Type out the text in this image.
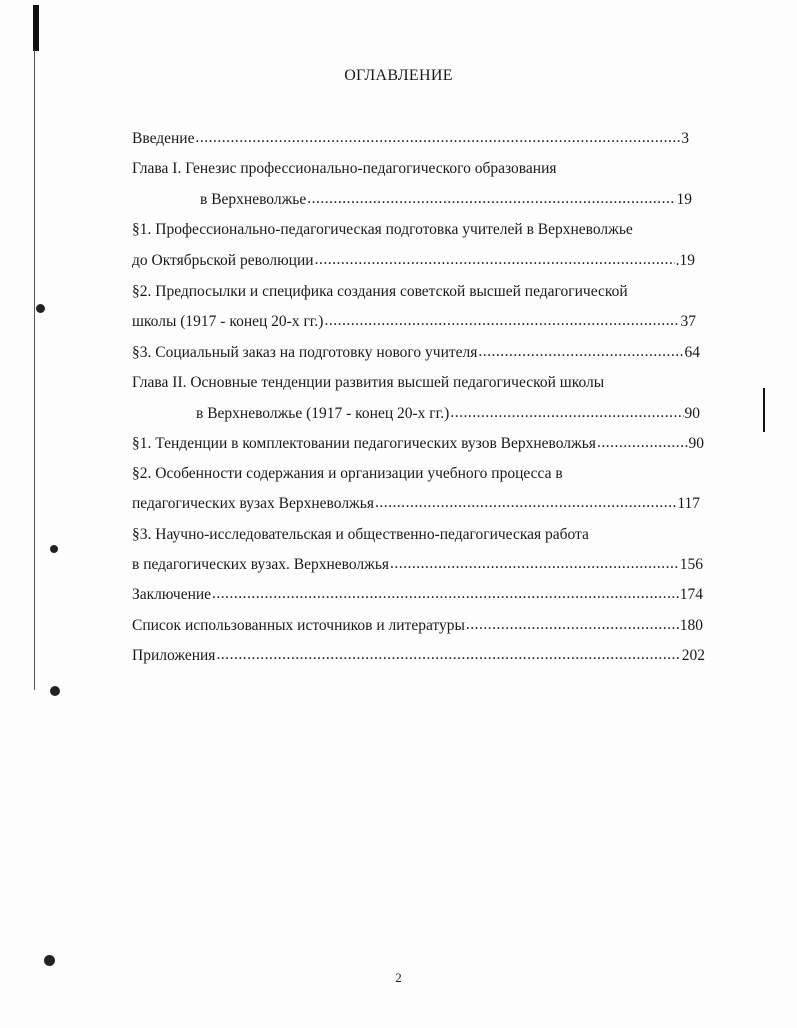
ОГЛАВЛЕНИЕ
Введение .....	3
Глава I. Генезис профессионально-педагогического образования
в Верхневолжье .....	19
§1. Профессионально-педагогическая подготовка учителей в Верхневолжье
до Октябрьской революции .....	.19
§2. Предпосылки и специфика создания советской высшей педагогической
школы (1917 - конец 20-х гг.) .....	37
§3. Социальный заказ на подготовку нового учителя .....	64
Глава II. Основные тенденции развития высшей педагогической школы
в Верхневолжье (1917 - конец 20-х гг.) .....	90
§1. Тенденции в комплектовании педагогических вузов Верхневолжья .....	90
§2. Особенности содержания и организации учебного процесса в
педагогических вузах Верхневолжья .....	117
§3. Научно-исследовательская и общественно-педагогическая работа
в педагогических вузах. Верхневолжья .....	156
Заключение .....	174
Список использованных источников и литературы .....	180
Приложения .....	202
2
